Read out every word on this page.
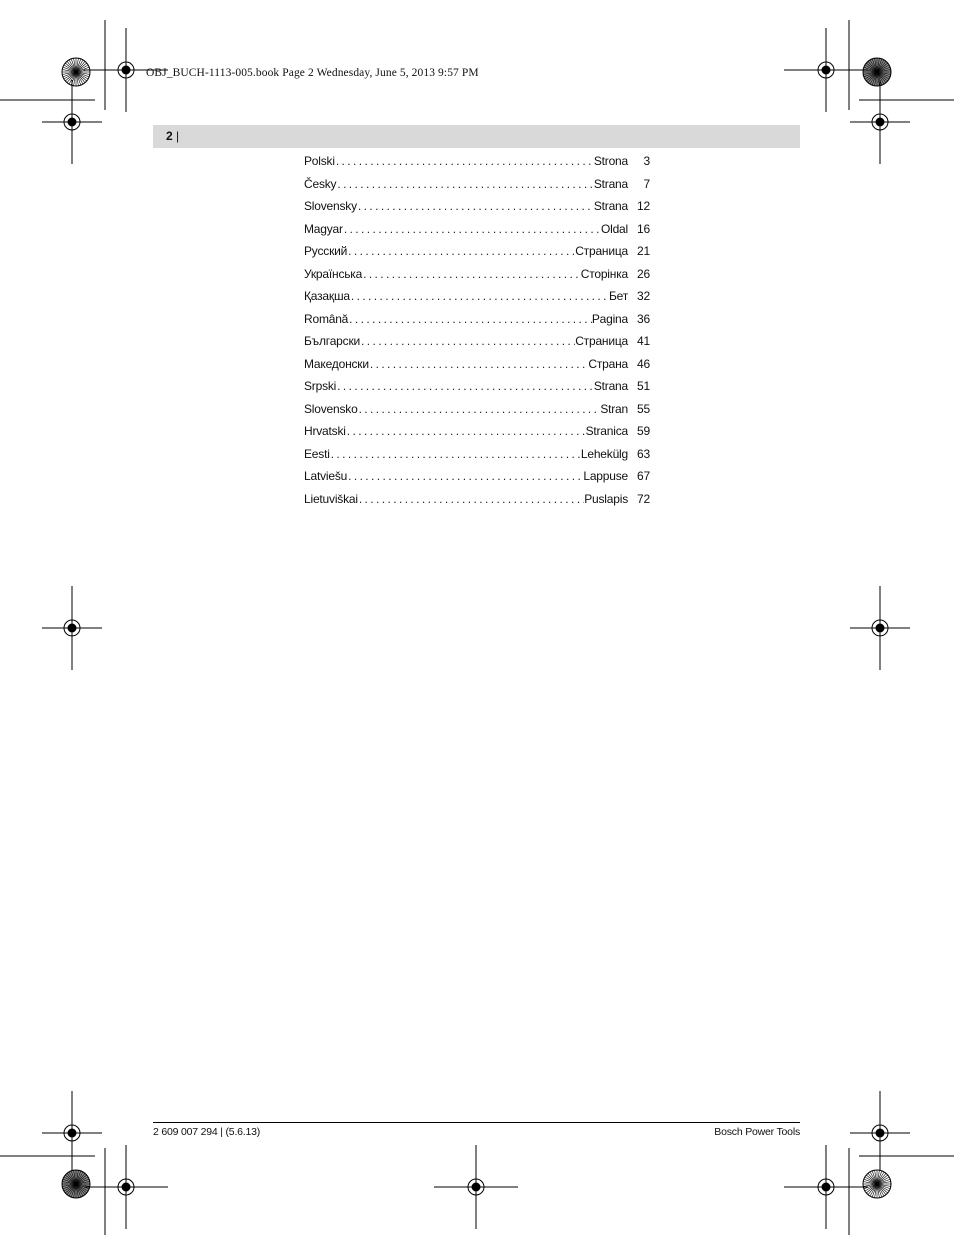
OBJ_BUCH-1113-005.book Page 2 Wednesday, June 5, 2013 9:57 PM
2 |
Polski .....	Strona	3
Česky .....	Strana	7
Slovensky .....	Strana 12
Magyar .....	Oldal 16
Русский .....	Страница 21
Українська .....	Сторінка 26
Қазақша .....	Бет 32
Română .....	Pagina 36
Български .....	Страница 41
Македонски .....	Страна 46
Srpski .....	Strana 51
Slovensko .....	Stran 55
Hrvatski .....	Stranica 59
Eesti .....	Lehekülg 63
Latviešu .....	Lappuse 67
Lietuviškai .....	Puslapis 72
2 609 007 294 | (5.6.13)	Bosch Power Tools
